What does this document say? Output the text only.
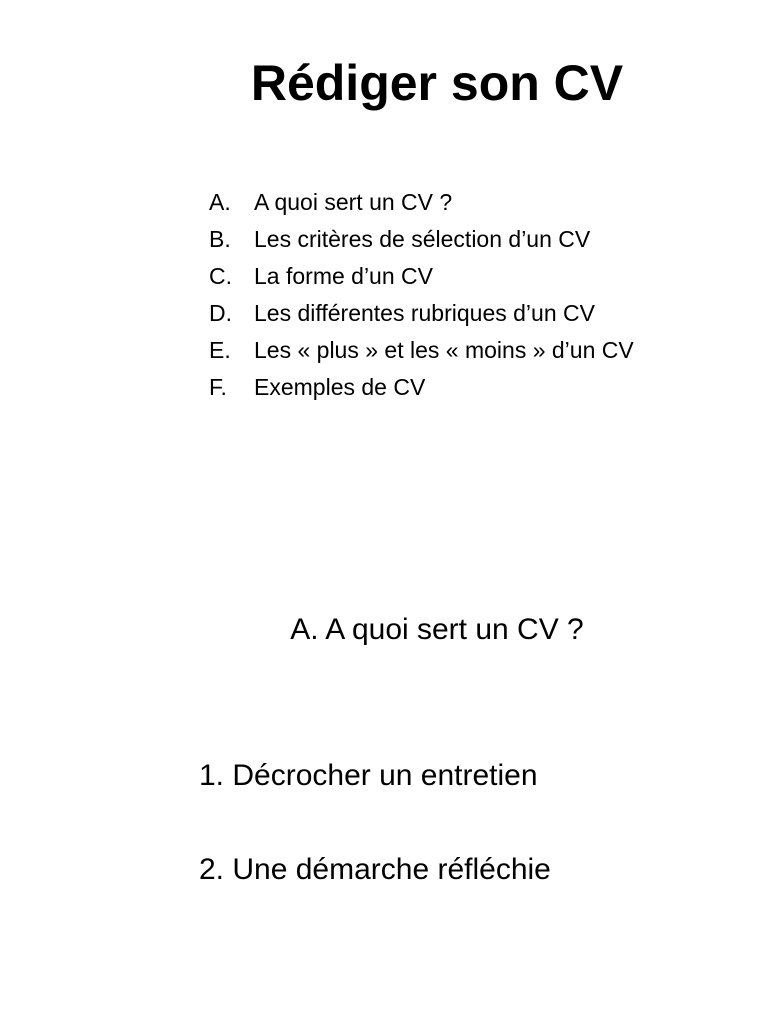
Rédiger son CV
A.	A quoi sert un CV ?
B.	Les critères de sélection d’un CV
C. La forme d’un CV
D. Les différentes rubriques d’un CV
E.	Les « plus » et les « moins » d’un CV
F.	Exemples de CV
A. A quoi sert un CV ?

1. Décrocher un entretien

2. Une démarche réfléchie
